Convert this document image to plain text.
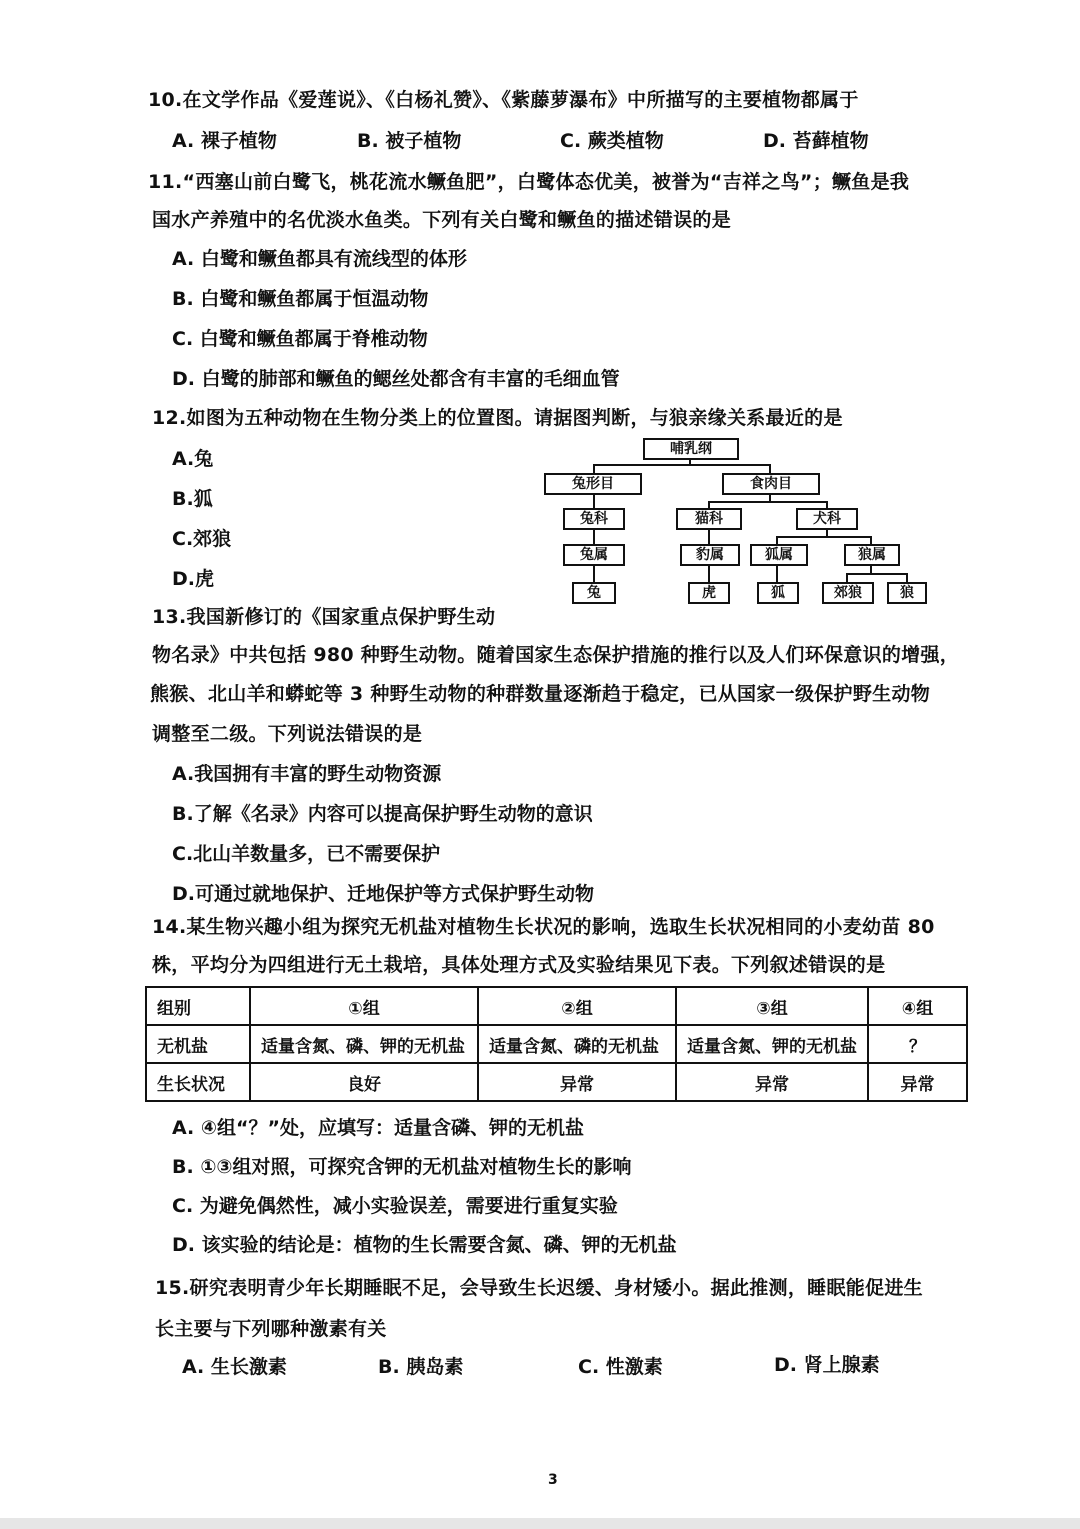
10.在文学作品《爱莲说》、《白杨礼赞》、《紫藤萝瀑布》中所描写的主要植物都属于
A. 裸子植物	B. 被子植物	C. 蕨类植物	D. 苔藓植物
11.“西塞山前白鹭飞，桃花流水鳜鱼肥”，白鹭体态优美，被誉为“吉祥之鸟”；鳜鱼是我
国水产养殖中的名优淡水鱼类。下列有关白鹭和鳜鱼的描述错误的是
A. 白鹭和鳜鱼都具有流线型的体形
B. 白鹭和鳜鱼都属于恒温动物
C. 白鹭和鳜鱼都属于脊椎动物
D. 白鹭的肺部和鳜鱼的鳃丝处都含有丰富的毛细血管
12.如图为五种动物在生物分类上的位置图。请据图判断，与狼亲缘关系最近的是
A.兔
B.狐
C.郊狼
D.虎
哺乳纲
兔形目	食肉目
兔科	猫科	犬科
兔属	豹属	狐属	狼属
兔	虎	狐	郊狼	狼
13.我国新修订的《国家重点保护野生动
物名录》中共包括 980 种野生动物。随着国家生态保护措施的推行以及人们环保意识的增强，
熊猴、北山羊和蟒蛇等 3 种野生动物的种群数量逐渐趋于稳定，已从国家一级保护野生动物
调整至二级。下列说法错误的是
A.我国拥有丰富的野生动物资源
B.了解《名录》内容可以提高保护野生动物的意识
C.北山羊数量多，已不需要保护
D.可通过就地保护、迁地保护等方式保护野生动物
14.某生物兴趣小组为探究无机盐对植物生长状况的影响，选取生长状况相同的小麦幼苗 80
株，平均分为四组进行无土栽培，具体处理方式及实验结果见下表。下列叙述错误的是
组别	①组	②组	③组	④组
无机盐	适量含氮、磷、钾的无机盐	适量含氮、磷的无机盐	适量含氮、钾的无机盐	？
生长状况	良好	异常	异常	异常
A. ④组“？”处，应填写：适量含磷、钾的无机盐
B. ①③组对照，可探究含钾的无机盐对植物生长的影响
C. 为避免偶然性，减小实验误差，需要进行重复实验
D. 该实验的结论是：植物的生长需要含氮、磷、钾的无机盐
15.研究表明青少年长期睡眠不足，会导致生长迟缓、身材矮小。据此推测，睡眠能促进生
长主要与下列哪种激素有关
A. 生长激素	B. 胰岛素	C. 性激素	D. 肾上腺素
3
